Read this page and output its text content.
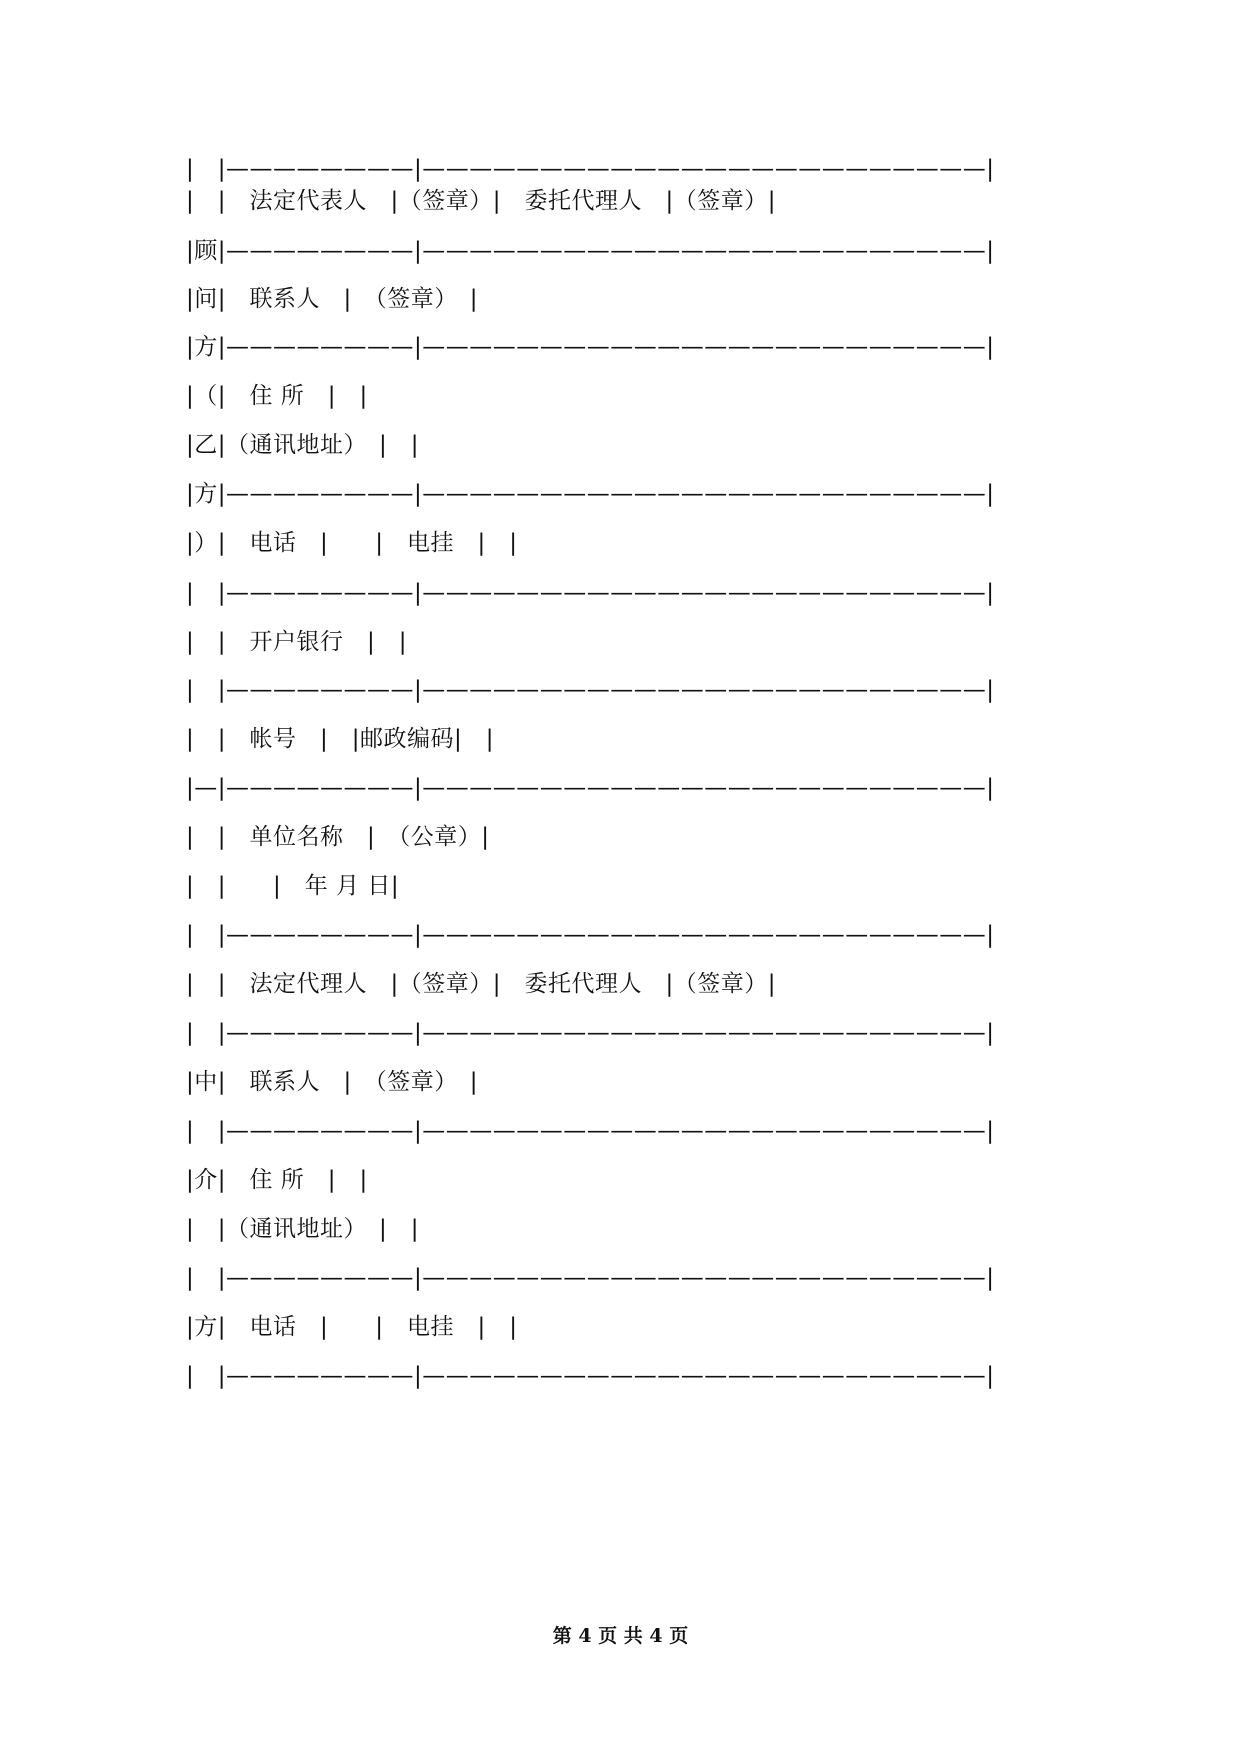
|　|————————|————————————————————————|
|　|　法定代表人　|（签章）|　委托代理人　|（签章）|
|顾|————————|————————————————————————|
|问|　联系人　|　（签章）　|
|方|————————|————————————————————————|
|（|　住 所　|　|
|乙|（通讯地址）　|　|
|方|————————|————————————————————————|
|）|　电话　|　　|　电挂　|　|
|　|————————|————————————————————————|
|　|　开户银行　|　|
|　|————————|————————————————————————|
|　|　帐号　|　|邮政编码|　|
|—|————————|————————————————————————|
|　|　单位名称　|　（公章）|
|　|　　|　年 月 日|
|　|————————|————————————————————————|
|　|　法定代理人　|（签章）|　委托代理人　|（签章）|
|　|————————|————————————————————————|
|中|　联系人　|　（签章）　|
|　|————————|————————————————————————|
|介|　住 所　|　|
|　|（通讯地址）　|　|
|　|————————|————————————————————————|
|方|　电话　|　　|　电挂　|　|
|　|————————|————————————————————————|
第 4 页 共 4 页
